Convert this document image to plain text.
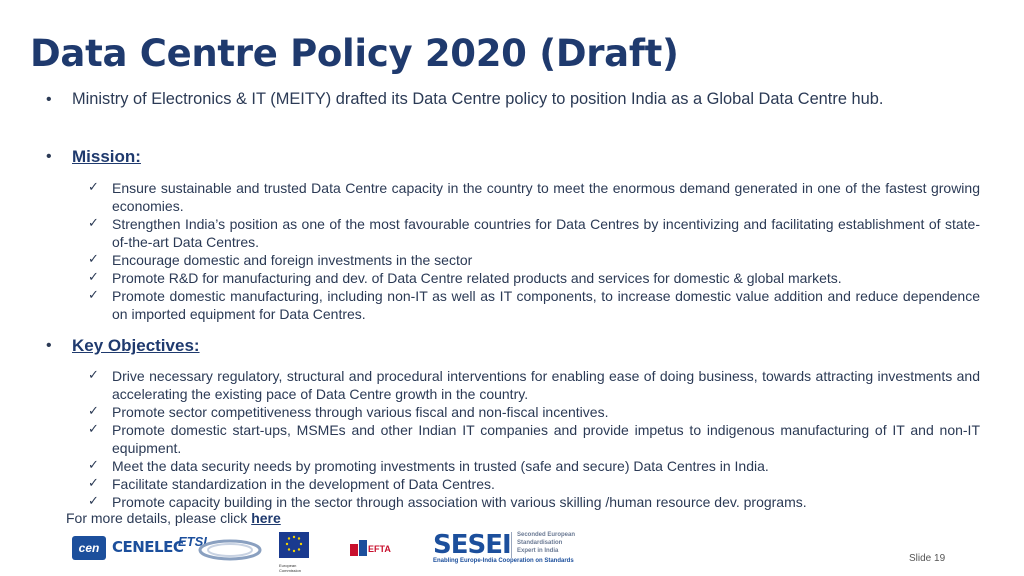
Data Centre Policy 2020 (Draft)
• Ministry of Electronics & IT (MEITY) drafted its Data Centre policy to position India as a Global Data Centre hub.
• Mission:
✓ Ensure sustainable and trusted Data Centre capacity in the country to meet the enormous demand generated in one of the fastest growing economies.
✓ Strengthen India’s position as one of the most favourable countries for Data Centres by incentivizing and facilitating establishment of state-of-the-art Data Centres.
✓ Encourage domestic and foreign investments in the sector
✓ Promote R&D for manufacturing and dev. of Data Centre related products and services for domestic & global markets.
✓ Promote domestic manufacturing, including non-IT as well as IT components, to increase domestic value addition and reduce dependence on imported equipment for Data Centres.
• Key Objectives:
✓ Drive necessary regulatory, structural and procedural interventions for enabling ease of doing business, towards attracting investments and accelerating the existing pace of Data Centre growth in the country.
✓ Promote sector competitiveness through various fiscal and non-fiscal incentives.
✓ Promote domestic start-ups, MSMEs and other Indian IT companies and provide impetus to indigenous manufacturing of IT and non-IT equipment.
✓ Meet the data security needs by promoting investments in trusted (safe and secure) Data Centres in India.
✓ Facilitate standardization in the development of Data Centres.
✓ Promote capacity building in the sector through association with various skilling /human resource dev. programs.
For more details, please click here
cen CENELEC
ETSI
European Commission
EFTA SESEI Seconded European
Standardisation
Expert in India
Enabling Europe-India Cooperation on Standards	Slide 19
